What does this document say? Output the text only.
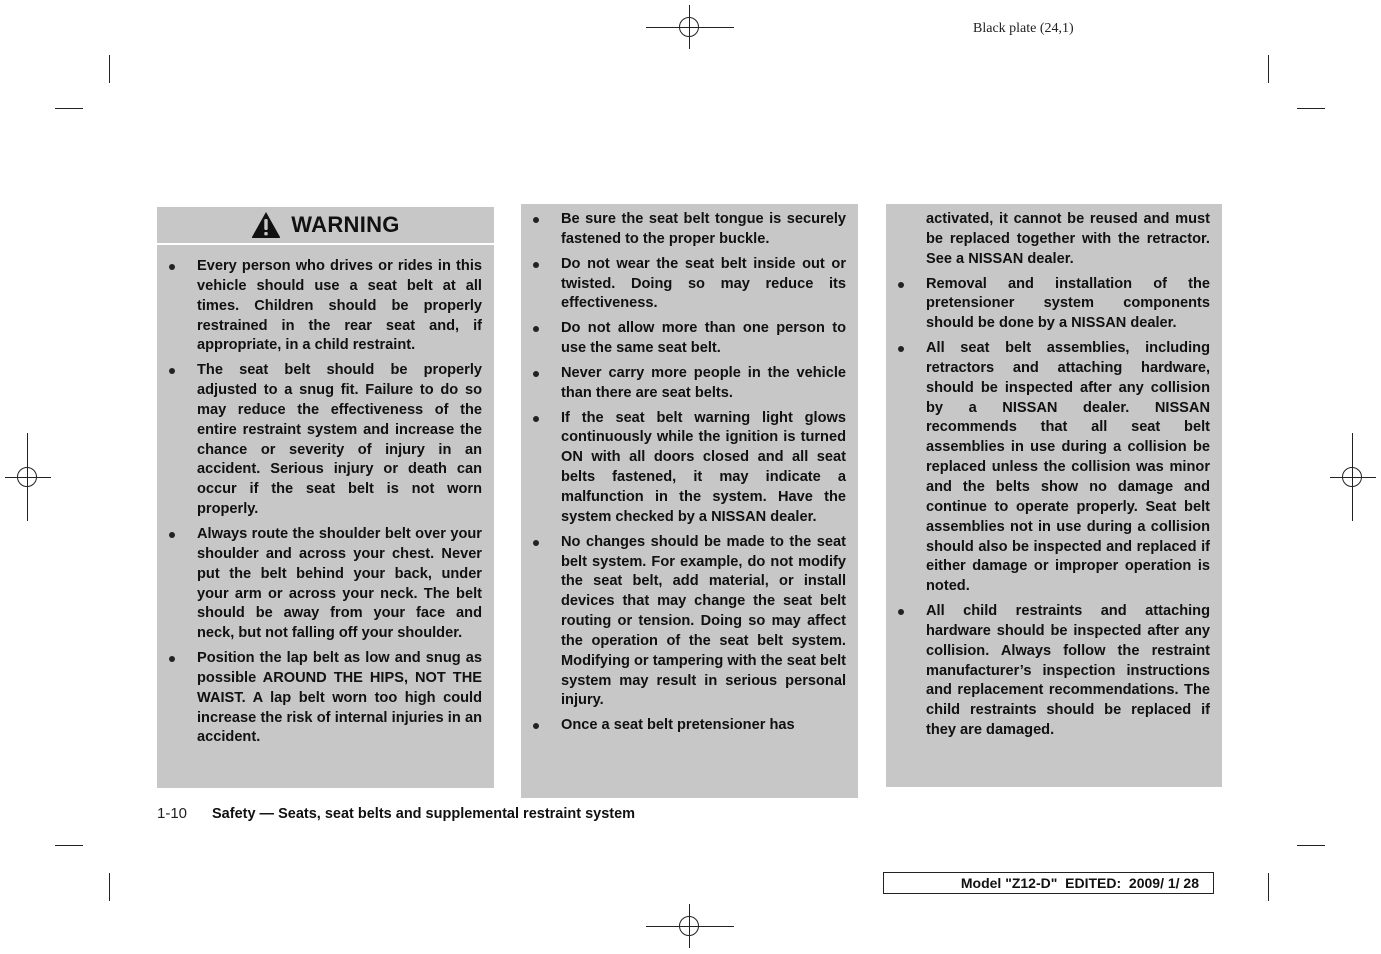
Black plate (24,1)
WARNING
Every person who drives or rides in this vehicle should use a seat belt at all times. Children should be properly restrained in the rear seat and, if appropriate, in a child restraint.
The seat belt should be properly adjusted to a snug fit. Failure to do so may reduce the effectiveness of the entire restraint system and increase the chance or severity of injury in an accident. Serious injury or death can occur if the seat belt is not worn properly.
Always route the shoulder belt over your shoulder and across your chest. Never put the belt behind your back, under your arm or across your neck. The belt should be away from your face and neck, but not falling off your shoulder.
Position the lap belt as low and snug as possible AROUND THE HIPS, NOT THE WAIST. A lap belt worn too high could increase the risk of internal injuries in an accident.
Be sure the seat belt tongue is securely fastened to the proper buckle.
Do not wear the seat belt inside out or twisted. Doing so may reduce its effectiveness.
Do not allow more than one person to use the same seat belt.
Never carry more people in the vehicle than there are seat belts.
If the seat belt warning light glows continuously while the ignition is turned ON with all doors closed and all seat belts fastened, it may indicate a malfunction in the system. Have the system checked by a NISSAN dealer.
No changes should be made to the seat belt system. For example, do not modify the seat belt, add material, or install devices that may change the seat belt routing or tension. Doing so may affect the operation of the seat belt system. Modifying or tampering with the seat belt system may result in serious personal injury.
Once a seat belt pretensioner has
activated, it cannot be reused and must be replaced together with the retractor. See a NISSAN dealer.
Removal and installation of the pretensioner system components should be done by a NISSAN dealer.
All seat belt assemblies, including retractors and attaching hardware, should be inspected after any collision by a NISSAN dealer. NISSAN recommends that all seat belt assemblies in use during a collision be replaced unless the collision was minor and the belts show no damage and continue to operate properly. Seat belt assemblies not in use during a collision should also be inspected and replaced if either damage or improper operation is noted.
All child restraints and attaching hardware should be inspected after any collision. Always follow the restraint manufacturer’s inspection instructions and replacement recommendations. The child restraints should be replaced if they are damaged.
1-10 Safety — Seats, seat belts and supplemental restraint system
Model "Z12-D"  EDITED:  2009/ 1/ 28
